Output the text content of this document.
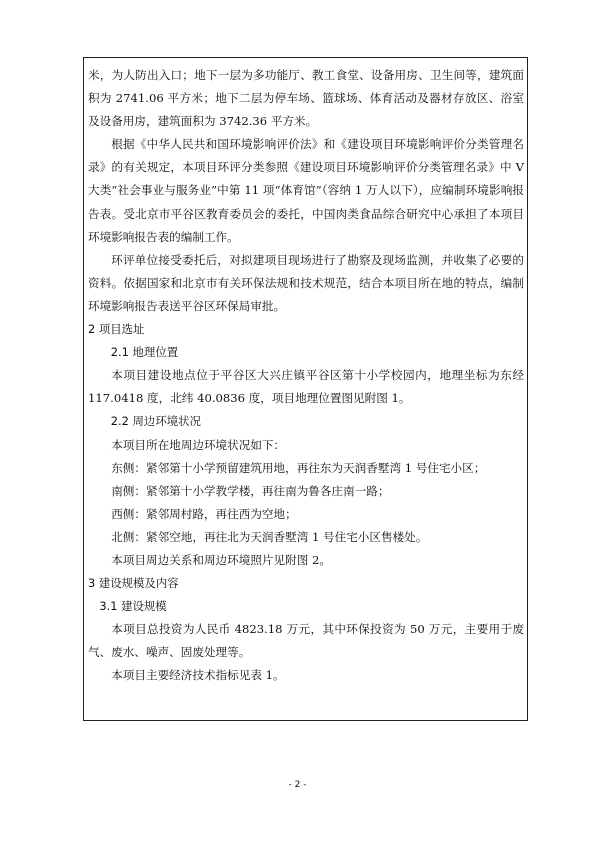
米，为人防出入口；地下一层为多功能厅、教工食堂、设备用房、卫生间等，建筑面积为 2741.06 平方米；地下二层为停车场、篮球场、体育活动及器材存放区、浴室及设备用房，建筑面积为 3742.36 平方米。

根据《中华人民共和国环境影响评价法》和《建设项目环境影响评价分类管理名录》的有关规定，本项目环评分类参照《建设项目环境影响评价分类管理名录》中 Ⅴ 大类“社会事业与服务业”中第 11 项“体育馆”（容纳 1 万人以下），应编制环境影响报告表。受北京市平谷区教育委员会的委托，中国肉类食品综合研究中心承担了本项目环境影响报告表的编制工作。

环评单位接受委托后，对拟建项目现场进行了勘察及现场监测，并收集了必要的资料。依据国家和北京市有关环保法规和技术规范，结合本项目所在地的特点，编制环境影响报告表送平谷区环保局审批。

2 项目选址

2.1 地理位置

本项目建设地点位于平谷区大兴庄镇平谷区第十小学校园内，地理坐标为东经 117.0418 度，北纬 40.0836 度，项目地理位置图见附图 1。

2.2 周边环境状况

本项目所在地周边环境状况如下：

东侧：紧邻第十小学预留建筑用地，再往东为天润香墅湾 1 号住宅小区；

南侧：紧邻第十小学教学楼，再往南为鲁各庄南一路；

西侧：紧邻周村路，再往西为空地；

北侧：紧邻空地，再往北为天润香墅湾 1 号住宅小区售楼处。

本项目周边关系和周边环境照片见附图 2。

3 建设规模及内容

3.1 建设规模

本项目总投资为人民币 4823.18 万元，其中环保投资为 50 万元，主要用于废气、废水、噪声、固废处理等。

本项目主要经济技术指标见表 1。

- 2 -
